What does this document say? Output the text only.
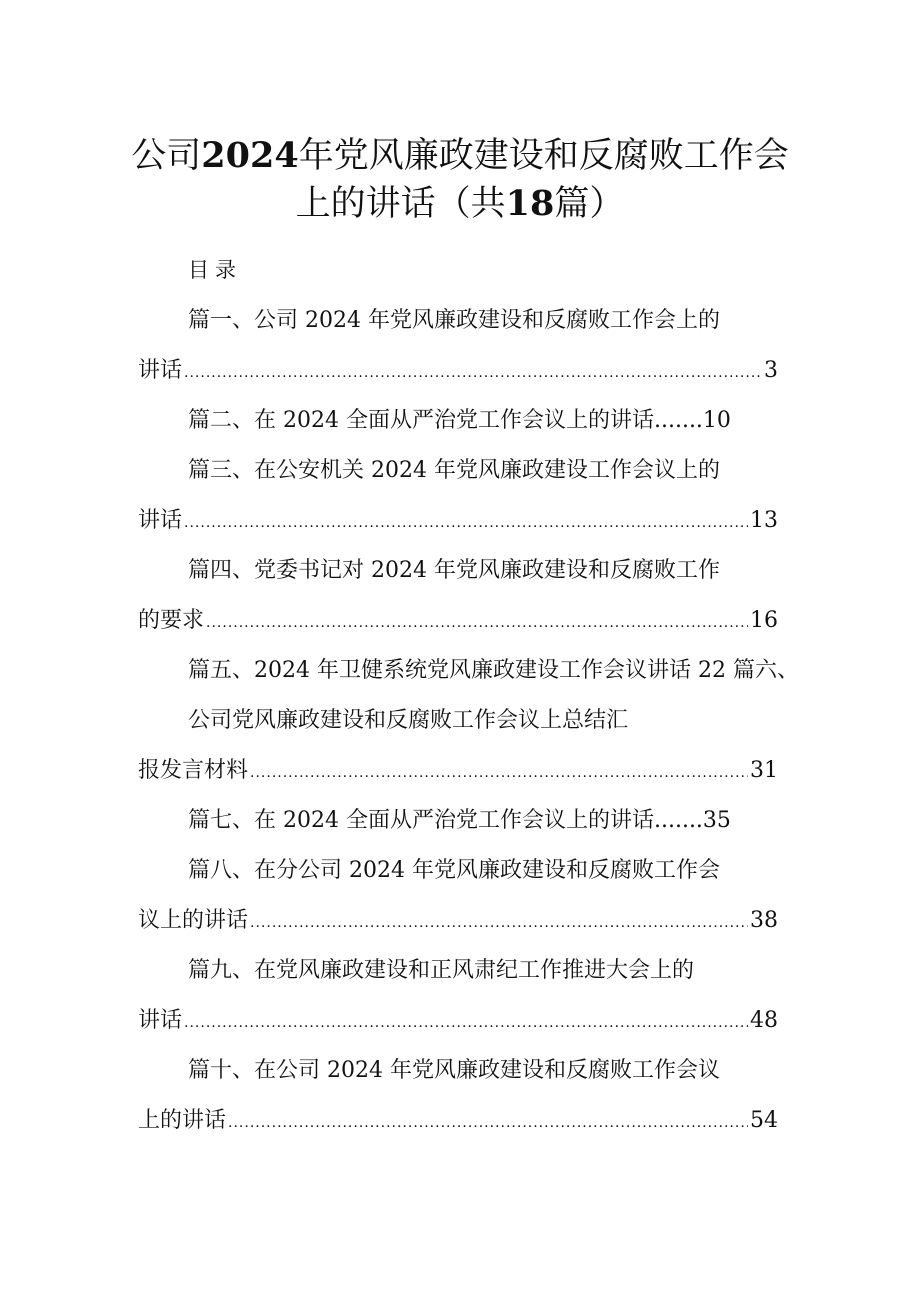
公司2024年党风廉政建设和反腐败工作会
上的讲话（共18篇）
目录
篇一、公司 2024 年党风廉政建设和反腐败工作会上的
讲话 .....	3
篇二、在 2024 全面从严治党工作会议上的讲话.......10
篇三、在公安机关 2024 年党风廉政建设工作会议上的
讲话 .....	13
篇四、党委书记对 2024 年党风廉政建设和反腐败工作
的要求 .....	16
篇五、2024 年卫健系统党风廉政建设工作会议讲话 22 篇六、
公司党风廉政建设和反腐败工作会议上总结汇
报发言材料 .....	31
篇七、在 2024 全面从严治党工作会议上的讲话.......35
篇八、在分公司 2024 年党风廉政建设和反腐败工作会
议上的讲话 .....	38
篇九、在党风廉政建设和正风肃纪工作推进大会上的
讲话 .....	48
篇十、在公司 2024 年党风廉政建设和反腐败工作会议
上的讲话 .....	54
